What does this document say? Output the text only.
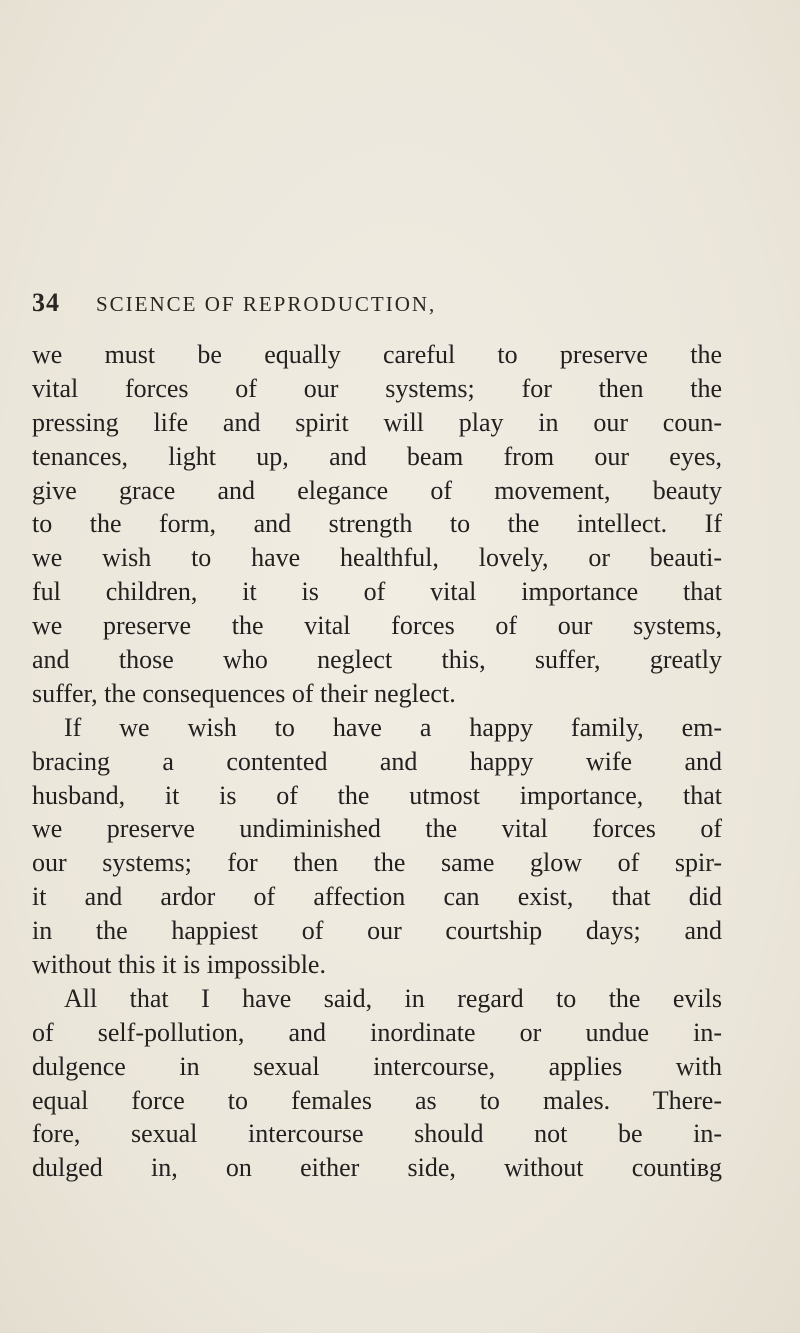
34 SCIENCE OF REPRODUCTION,
we must be equally careful to preserve the
vital forces of our systems; for then the
pressing life and spirit will play in our coun-
tenances, light up, and beam from our eyes,
give grace and elegance of movement, beauty
to the form, and strength to the intellect. If
we wish to have healthful, lovely, or beauti-
ful children, it is of vital importance that
we preserve the vital forces of our systems,
and those who neglect this, suffer, greatly
suffer, the consequences of their neglect.
If we wish to have a happy family, em-
bracing a contented and happy wife and
husband, it is of the utmost importance, that
we preserve undiminished the vital forces of
our systems; for then the same glow of spir-
it and ardor of affection can exist, that did
in the happiest of our courtship days; and
without this it is impossible.
All that I have said, in regard to the evils
of self-pollution, and inordinate or undue in-
dulgence in sexual intercourse, applies with
equal force to females as to males. There-
fore, sexual intercourse should not be in-
dulged in, on either side, without countiвg
